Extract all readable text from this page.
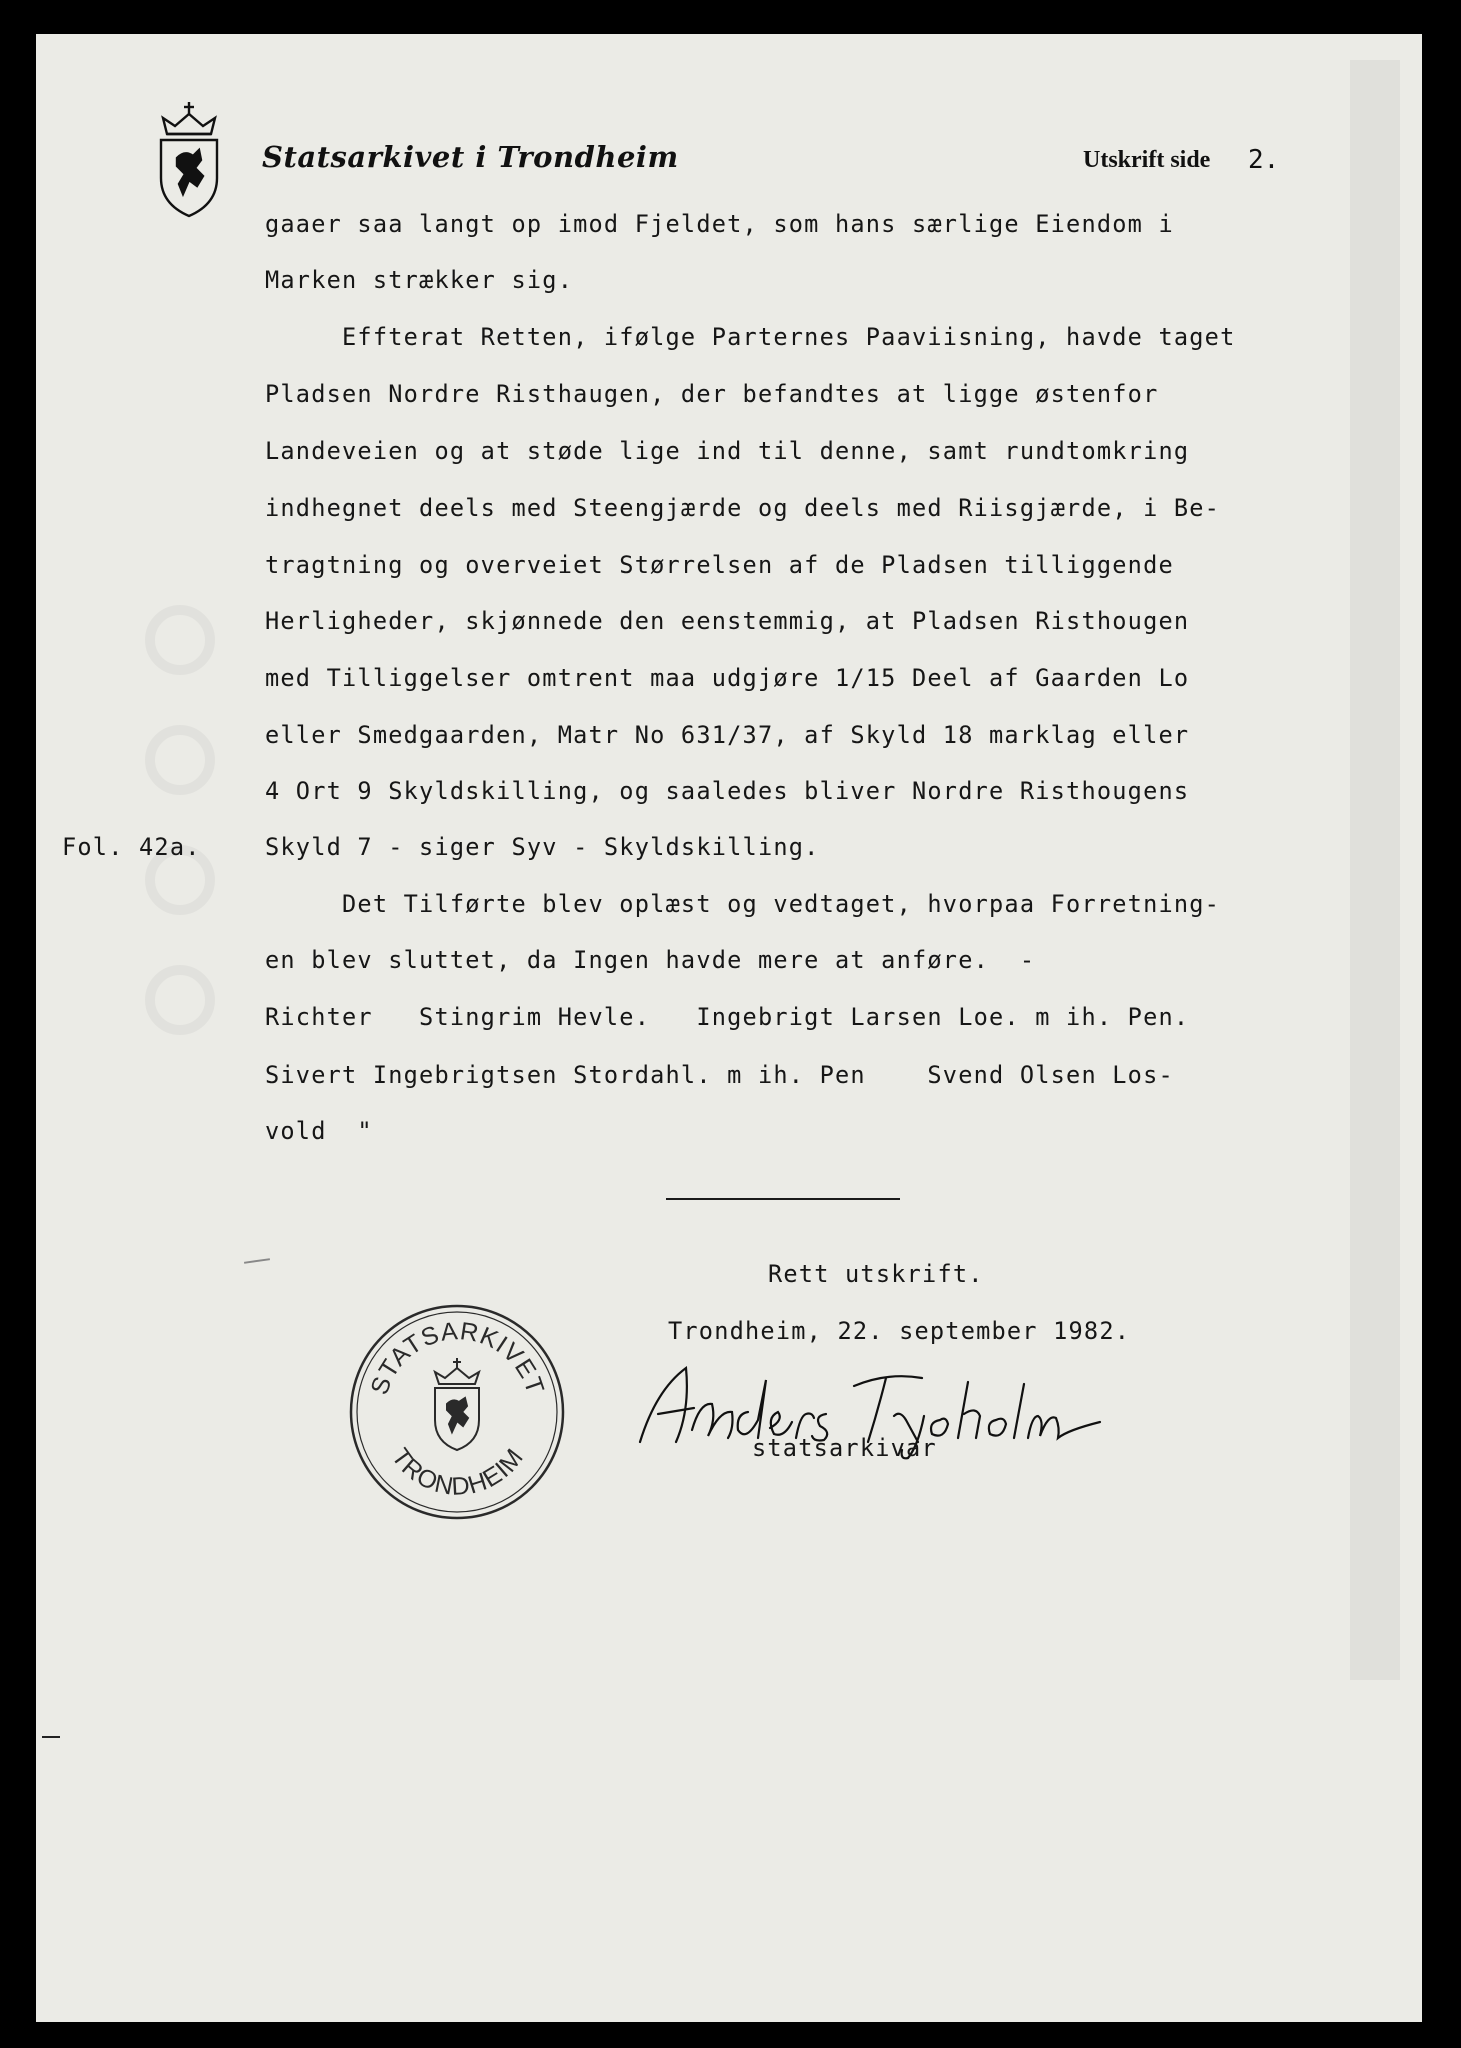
Statsarkivet i Trondheim	Utskrift side 2.
gaaer saa langt op imod Fjeldet, som hans særlige Eiendom i
Marken strækker sig.
Effterat Retten, ifølge Parternes Paaviisning, havde taget
Pladsen Nordre Risthaugen, der befandtes at ligge østenfor
Landeveien og at støde lige ind til denne, samt rundtomkring
indhegnet deels med Steengjærde og deels med Riisgjærde, i Be-
tragtning og overveiet Størrelsen af de Pladsen tilliggende
Herligheder, skjønnede den eenstemmig, at Pladsen Risthougen
med Tilliggelser omtrent maa udgjøre 1/15 Deel af Gaarden Lo
eller Smedgaarden, Matr No 631/37, af Skyld 18 marklag eller
4 Ort 9 Skyldskilling, og saaledes bliver Nordre Risthougens
Skyld 7 - siger Syv - Skyldskilling.
Det Tilførte blev oplæst og vedtaget, hvorpaa Forretning-
en blev sluttet, da Ingen havde mere at anføre.  -
Richter   Stingrim Hevle.   Ingebrigt Larsen Loe. m ih. Pen.
Sivert Ingebrigtsen Stordahl. m ih. Pen    Svend Olsen Los-
vold  "
Fol. 42a.
Rett utskrift.
Trondheim, 22. september 1982.
STATSARKIVET
TRONDHEIM
Anders Tyholm
statsarkivar
